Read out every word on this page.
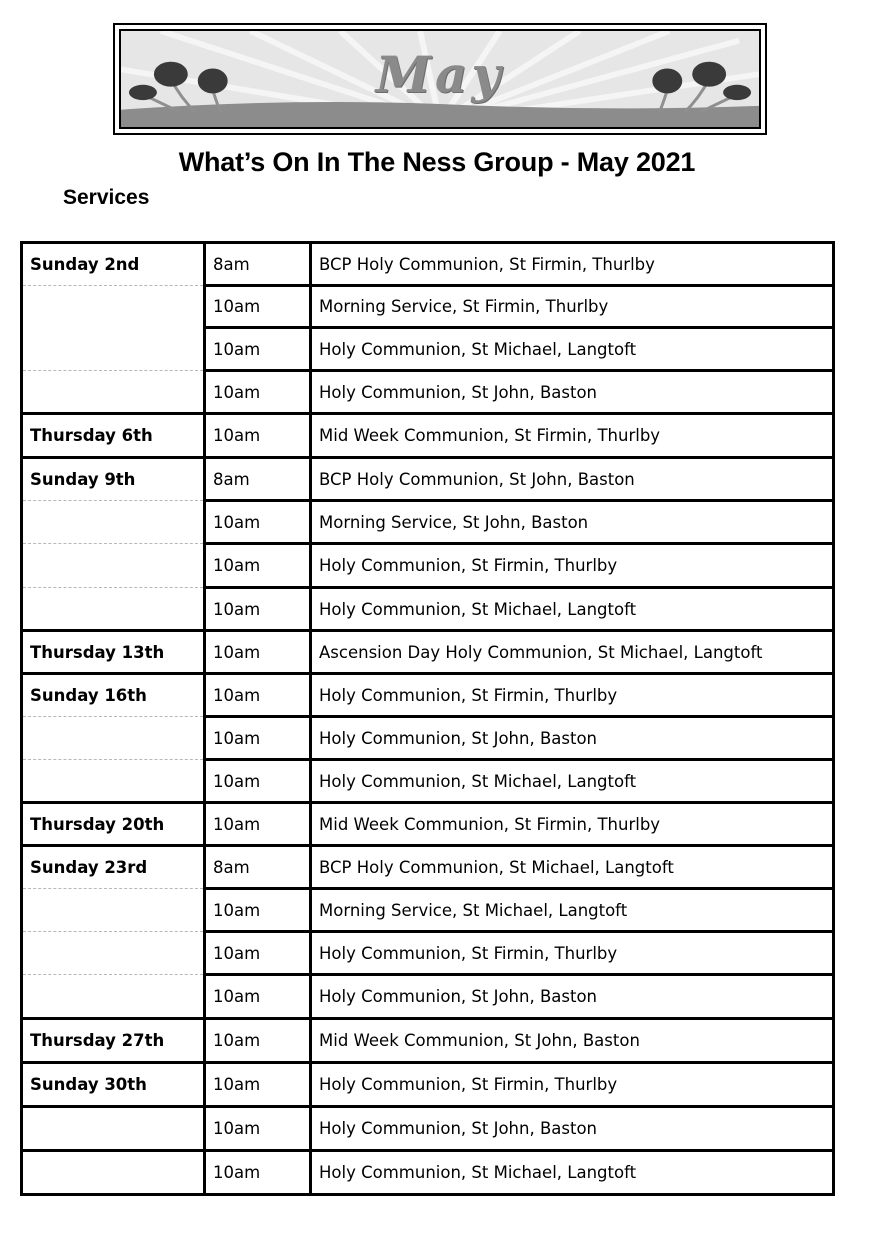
May
What’s On In The Ness Group - May 2021
Services
Sunday 2nd	8am	BCP Holy Communion, St Firmin, Thurlby
	10am	Morning Service, St Firmin, Thurlby
	10am	Holy Communion, St Michael, Langtoft
	10am	Holy Communion, St John, Baston
Thursday 6th	10am	Mid Week Communion, St Firmin, Thurlby
Sunday 9th	8am	BCP Holy Communion, St John, Baston
	10am	Morning Service, St John, Baston
	10am	Holy Communion, St Firmin, Thurlby
	10am	Holy Communion, St Michael, Langtoft
Thursday 13th	10am	Ascension Day Holy Communion, St Michael, Langtoft
Sunday 16th	10am	Holy Communion, St Firmin, Thurlby
	10am	Holy Communion, St John, Baston
	10am	Holy Communion, St Michael, Langtoft
Thursday 20th	10am	Mid Week Communion, St Firmin, Thurlby
Sunday 23rd	8am	BCP Holy Communion, St Michael, Langtoft
	10am	Morning Service, St Michael, Langtoft
	10am	Holy Communion, St Firmin, Thurlby
	10am	Holy Communion, St John, Baston
Thursday 27th	10am	Mid Week Communion, St John, Baston
Sunday 30th	10am	Holy Communion, St Firmin, Thurlby
	10am	Holy Communion, St John, Baston
	10am	Holy Communion, St Michael, Langtoft
